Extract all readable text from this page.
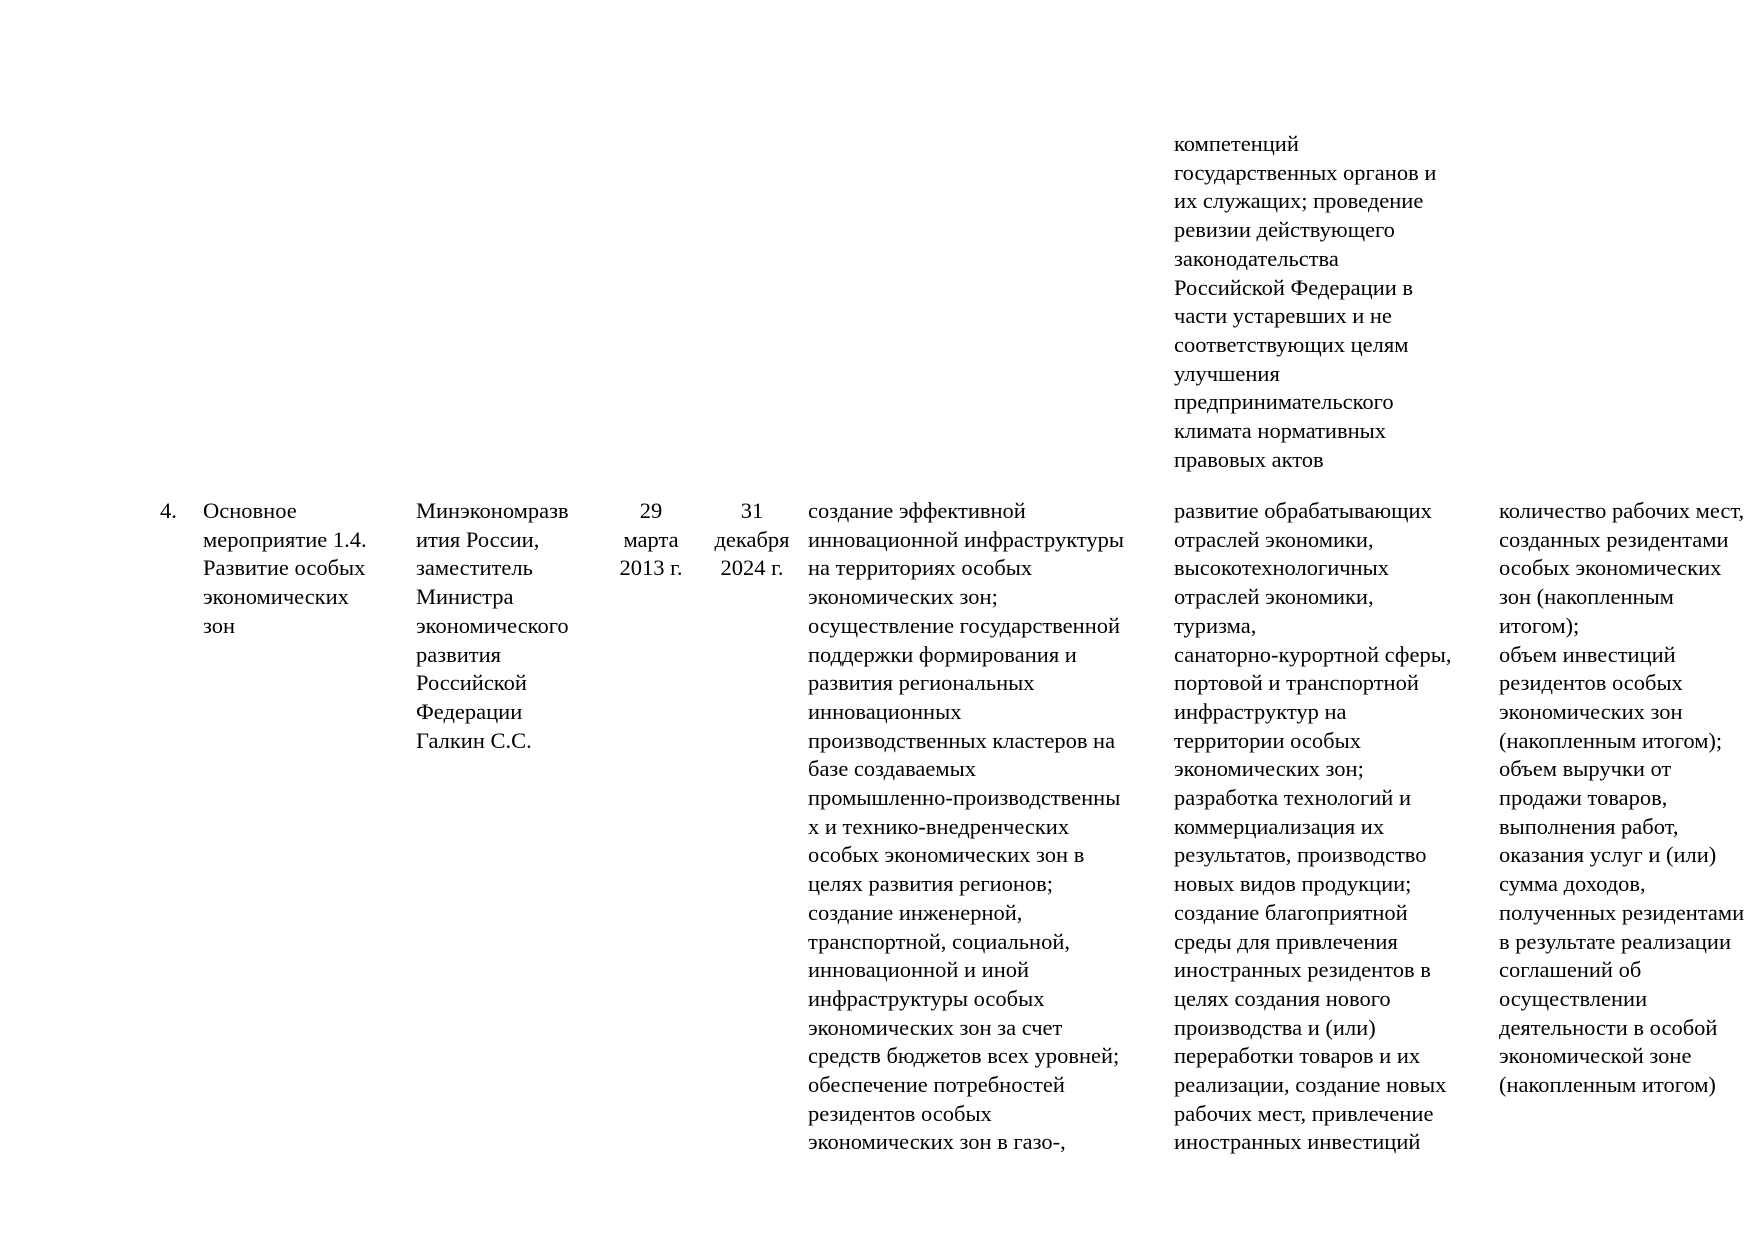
компетенций
государственных органов и
их служащих; проведение
ревизии действующего
законодательства
Российской Федерации в
части устаревших и не
соответствующих целям
улучшения
предпринимательского
климата нормативных
правовых актов
4. Основное
мероприятие 1.4.
Развитие особых
экономических
зон
Минэкономразв
ития России,
заместитель
Министра
экономического
развития
Российской
Федерации
Галкин С.С.
29
марта
2013 г.
31
декабря
2024 г.
создание эффективной
инновационной инфраструктуры
на территориях особых
экономических зон;
осуществление государственной
поддержки формирования и
развития региональных
инновационных
производственных кластеров на
базе создаваемых
промышленно-производственны
х и технико-внедренческих
особых экономических зон в
целях развития регионов;
создание инженерной,
транспортной, социальной,
инновационной и иной
инфраструктуры особых
экономических зон за счет
средств бюджетов всех уровней;
обеспечение потребностей
резидентов особых
экономических зон в газо-,
развитие обрабатывающих
отраслей экономики,
высокотехнологичных
отраслей экономики,
туризма,
санаторно-курортной сферы,
портовой и транспортной
инфраструктур на
территории особых
экономических зон;
разработка технологий и
коммерциализация их
результатов, производство
новых видов продукции;
создание благоприятной
среды для привлечения
иностранных резидентов в
целях создания нового
производства и (или)
переработки товаров и их
реализации, создание новых
рабочих мест, привлечение
иностранных инвестиций
количество рабочих мест,
созданных резидентами
особых экономических
зон (накопленным
итогом);
объем инвестиций
резидентов особых
экономических зон
(накопленным итогом);
объем выручки от
продажи товаров,
выполнения работ,
оказания услуг и (или)
сумма доходов,
полученных резидентами
в результате реализации
соглашений об
осуществлении
деятельности в особой
экономической зоне
(накопленным итогом)
